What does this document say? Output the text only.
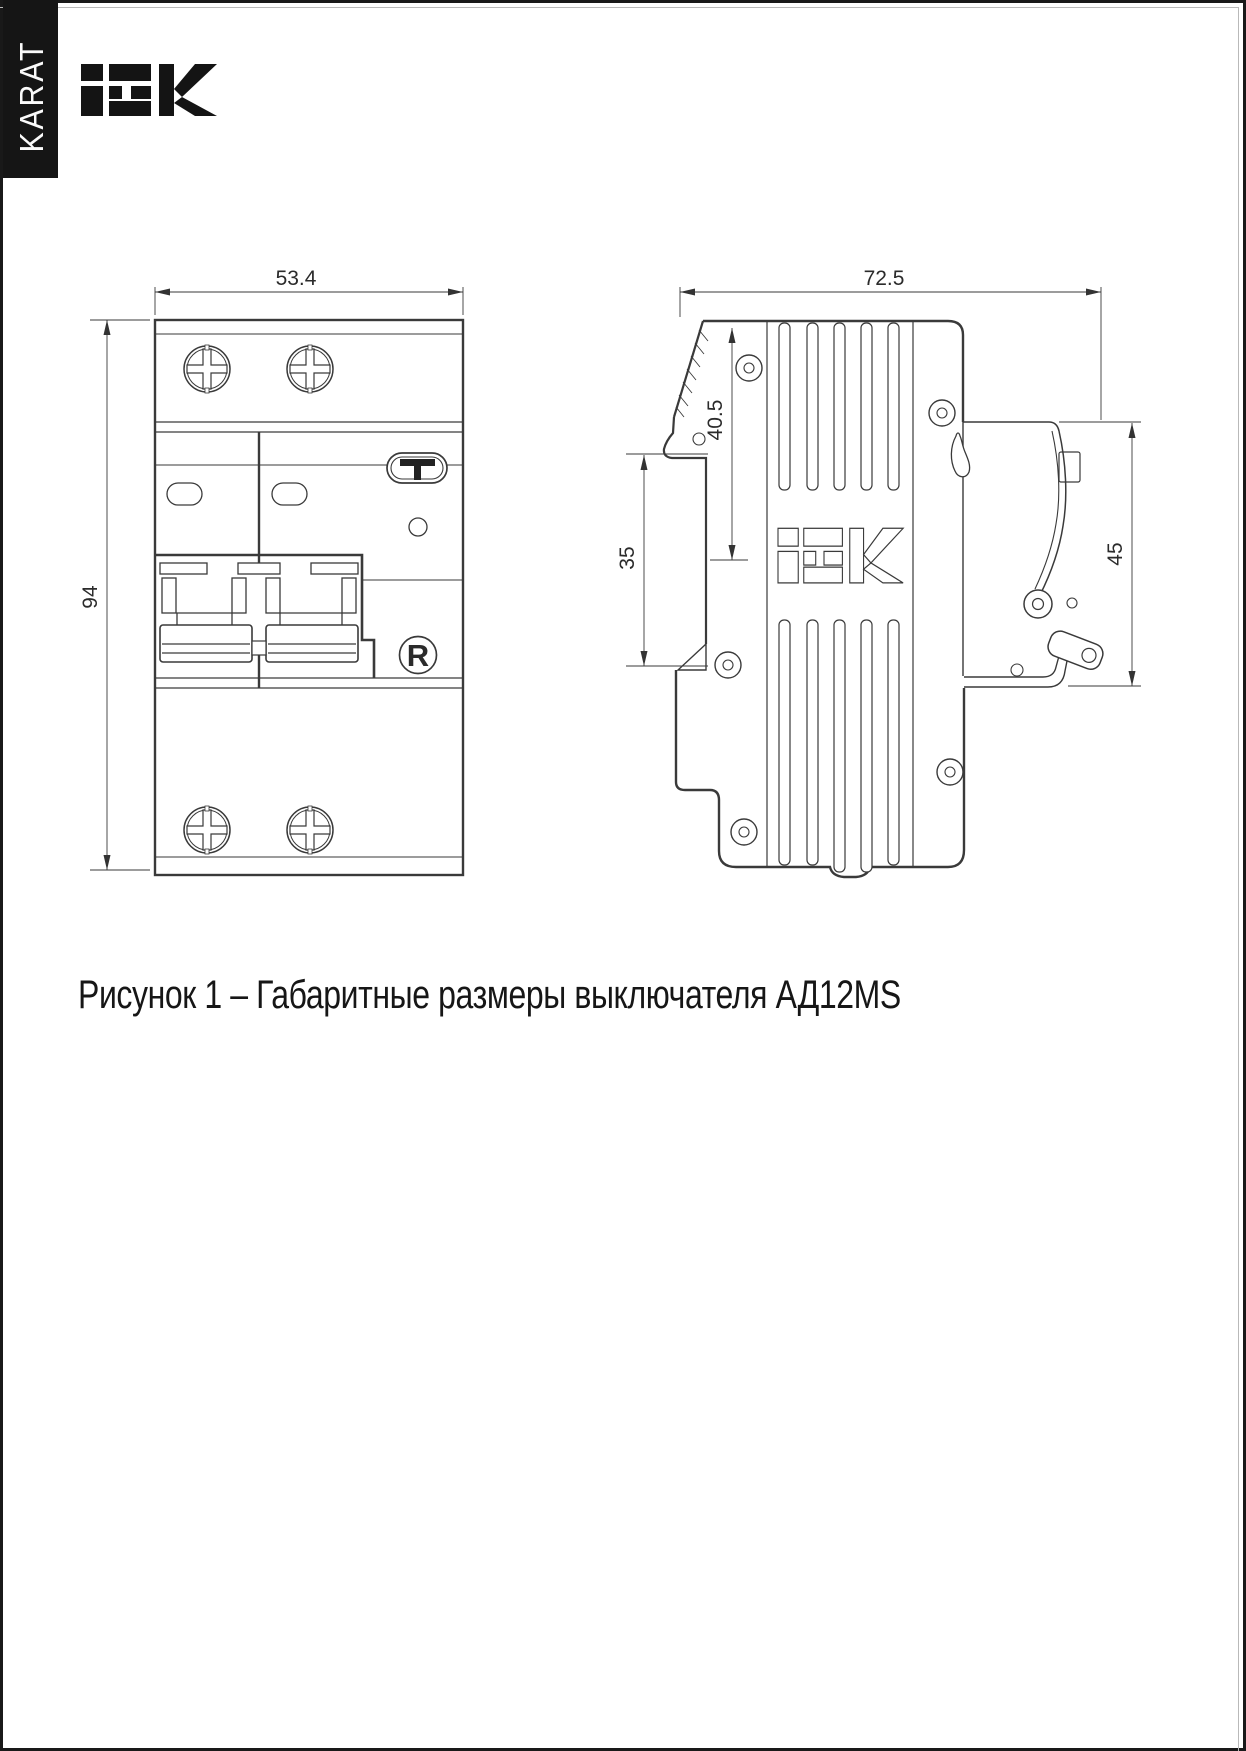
KARAT
R
53.4
94
72.5
40.5
35	45
Рисунок 1 – Габаритные размеры выключателя АД12MS
